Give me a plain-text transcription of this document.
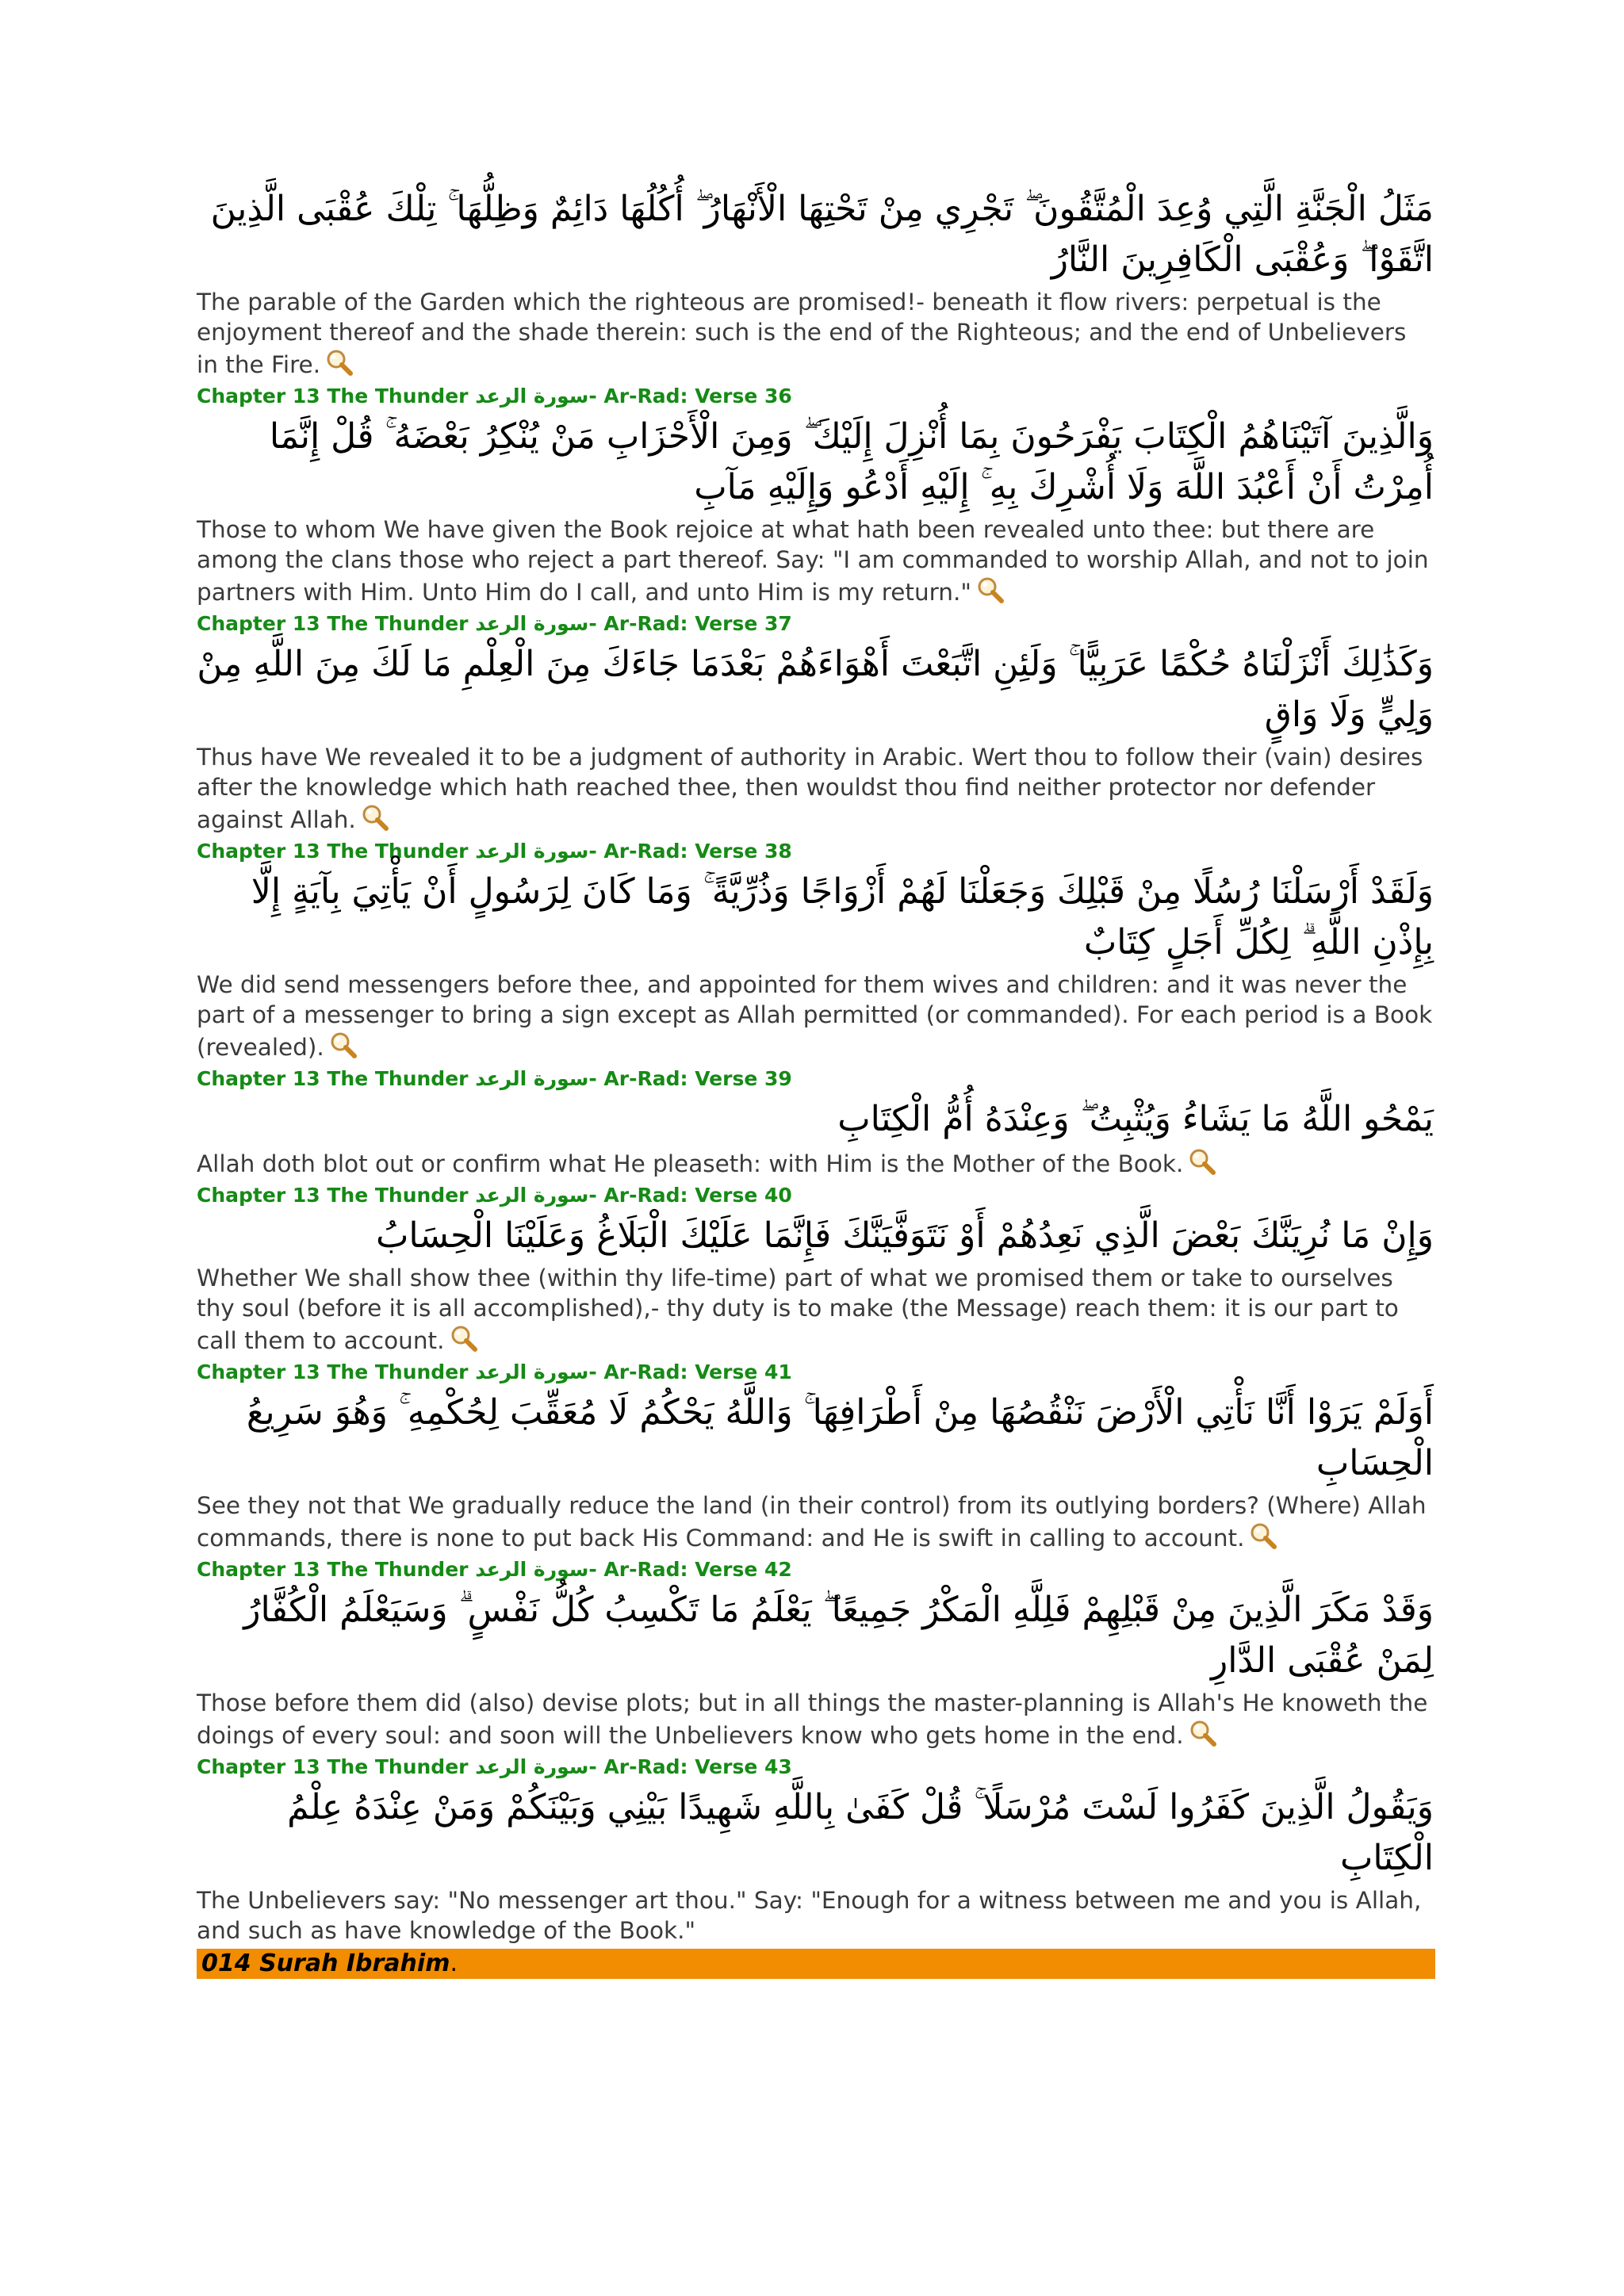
مَثَلُ الْجَنَّةِ الَّتِي وُعِدَ الْمُتَّقُونَ ۖ تَجْرِي مِنْ تَحْتِهَا الْأَنْهَارُ ۖ أُكُلُهَا دَائِمٌ وَظِلُّهَا ۚ تِلْكَ عُقْبَى الَّذِينَ اتَّقَوْا ۖ وَعُقْبَى الْكَافِرِينَ النَّارُ

The parable of the Garden which the righteous are promised!- beneath it flow rivers: perpetual is the enjoyment thereof and the shade therein: such is the end of the Righteous; and the end of Unbelievers in the Fire.

Chapter 13 The Thunder سورة الرعد- Ar-Rad: Verse 36

وَالَّذِينَ آتَيْنَاهُمُ الْكِتَابَ يَفْرَحُونَ بِمَا أُنْزِلَ إِلَيْكَ ۖ وَمِنَ الْأَحْزَابِ مَنْ يُنْكِرُ بَعْضَهُ ۚ قُلْ إِنَّمَا أُمِرْتُ أَنْ أَعْبُدَ اللَّهَ وَلَا أُشْرِكَ بِهِ ۚ إِلَيْهِ أَدْعُو وَإِلَيْهِ مَآبِ

Those to whom We have given the Book rejoice at what hath been revealed unto thee: but there are among the clans those who reject a part thereof. Say: "I am commanded to worship Allah, and not to join partners with Him. Unto Him do I call, and unto Him is my return."

Chapter 13 The Thunder سورة الرعد- Ar-Rad: Verse 37

وَكَذَٰلِكَ أَنْزَلْنَاهُ حُكْمًا عَرَبِيًّا ۚ وَلَئِنِ اتَّبَعْتَ أَهْوَاءَهُمْ بَعْدَمَا جَاءَكَ مِنَ الْعِلْمِ مَا لَكَ مِنَ اللَّهِ مِنْ وَلِيٍّ وَلَا وَاقٍ

Thus have We revealed it to be a judgment of authority in Arabic. Wert thou to follow their (vain) desires after the knowledge which hath reached thee, then wouldst thou find neither protector nor defender against Allah.

Chapter 13 The Thunder سورة الرعد- Ar-Rad: Verse 38

وَلَقَدْ أَرْسَلْنَا رُسُلًا مِنْ قَبْلِكَ وَجَعَلْنَا لَهُمْ أَزْوَاجًا وَذُرِّيَّةً ۚ وَمَا كَانَ لِرَسُولٍ أَنْ يَأْتِيَ بِآيَةٍ إِلَّا بِإِذْنِ اللَّهِ ۗ لِكُلِّ أَجَلٍ كِتَابٌ

We did send messengers before thee, and appointed for them wives and children: and it was never the part of a messenger to bring a sign except as Allah permitted (or commanded). For each period is a Book (revealed).

Chapter 13 The Thunder سورة الرعد- Ar-Rad: Verse 39

يَمْحُو اللَّهُ مَا يَشَاءُ وَيُثْبِتُ ۖ وَعِنْدَهُ أُمُّ الْكِتَابِ

Allah doth blot out or confirm what He pleaseth: with Him is the Mother of the Book.

Chapter 13 The Thunder سورة الرعد- Ar-Rad: Verse 40

وَإِنْ مَا نُرِيَنَّكَ بَعْضَ الَّذِي نَعِدُهُمْ أَوْ نَتَوَفَّيَنَّكَ فَإِنَّمَا عَلَيْكَ الْبَلَاغُ وَعَلَيْنَا الْحِسَابُ

Whether We shall show thee (within thy life-time) part of what we promised them or take to ourselves thy soul (before it is all accomplished),- thy duty is to make (the Message) reach them: it is our part to call them to account.

Chapter 13 The Thunder سورة الرعد- Ar-Rad: Verse 41

أَوَلَمْ يَرَوْا أَنَّا نَأْتِي الْأَرْضَ نَنْقُصُهَا مِنْ أَطْرَافِهَا ۚ وَاللَّهُ يَحْكُمُ لَا مُعَقِّبَ لِحُكْمِهِ ۚ وَهُوَ سَرِيعُ الْحِسَابِ

See they not that We gradually reduce the land (in their control) from its outlying borders? (Where) Allah commands, there is none to put back His Command: and He is swift in calling to account.

Chapter 13 The Thunder سورة الرعد- Ar-Rad: Verse 42

وَقَدْ مَكَرَ الَّذِينَ مِنْ قَبْلِهِمْ فَلِلَّهِ الْمَكْرُ جَمِيعًا ۖ يَعْلَمُ مَا تَكْسِبُ كُلُّ نَفْسٍ ۗ وَسَيَعْلَمُ الْكُفَّارُ لِمَنْ عُقْبَى الدَّارِ

Those before them did (also) devise plots; but in all things the master-planning is Allah's He knoweth the doings of every soul: and soon will the Unbelievers know who gets home in the end.

Chapter 13 The Thunder سورة الرعد- Ar-Rad: Verse 43

وَيَقُولُ الَّذِينَ كَفَرُوا لَسْتَ مُرْسَلًا ۚ قُلْ كَفَىٰ بِاللَّهِ شَهِيدًا بَيْنِي وَبَيْنَكُمْ وَمَنْ عِنْدَهُ عِلْمُ الْكِتَابِ

The Unbelievers say: "No messenger art thou." Say: "Enough for a witness between me and you is Allah, and such as have knowledge of the Book."

014 Surah Ibrahim.
